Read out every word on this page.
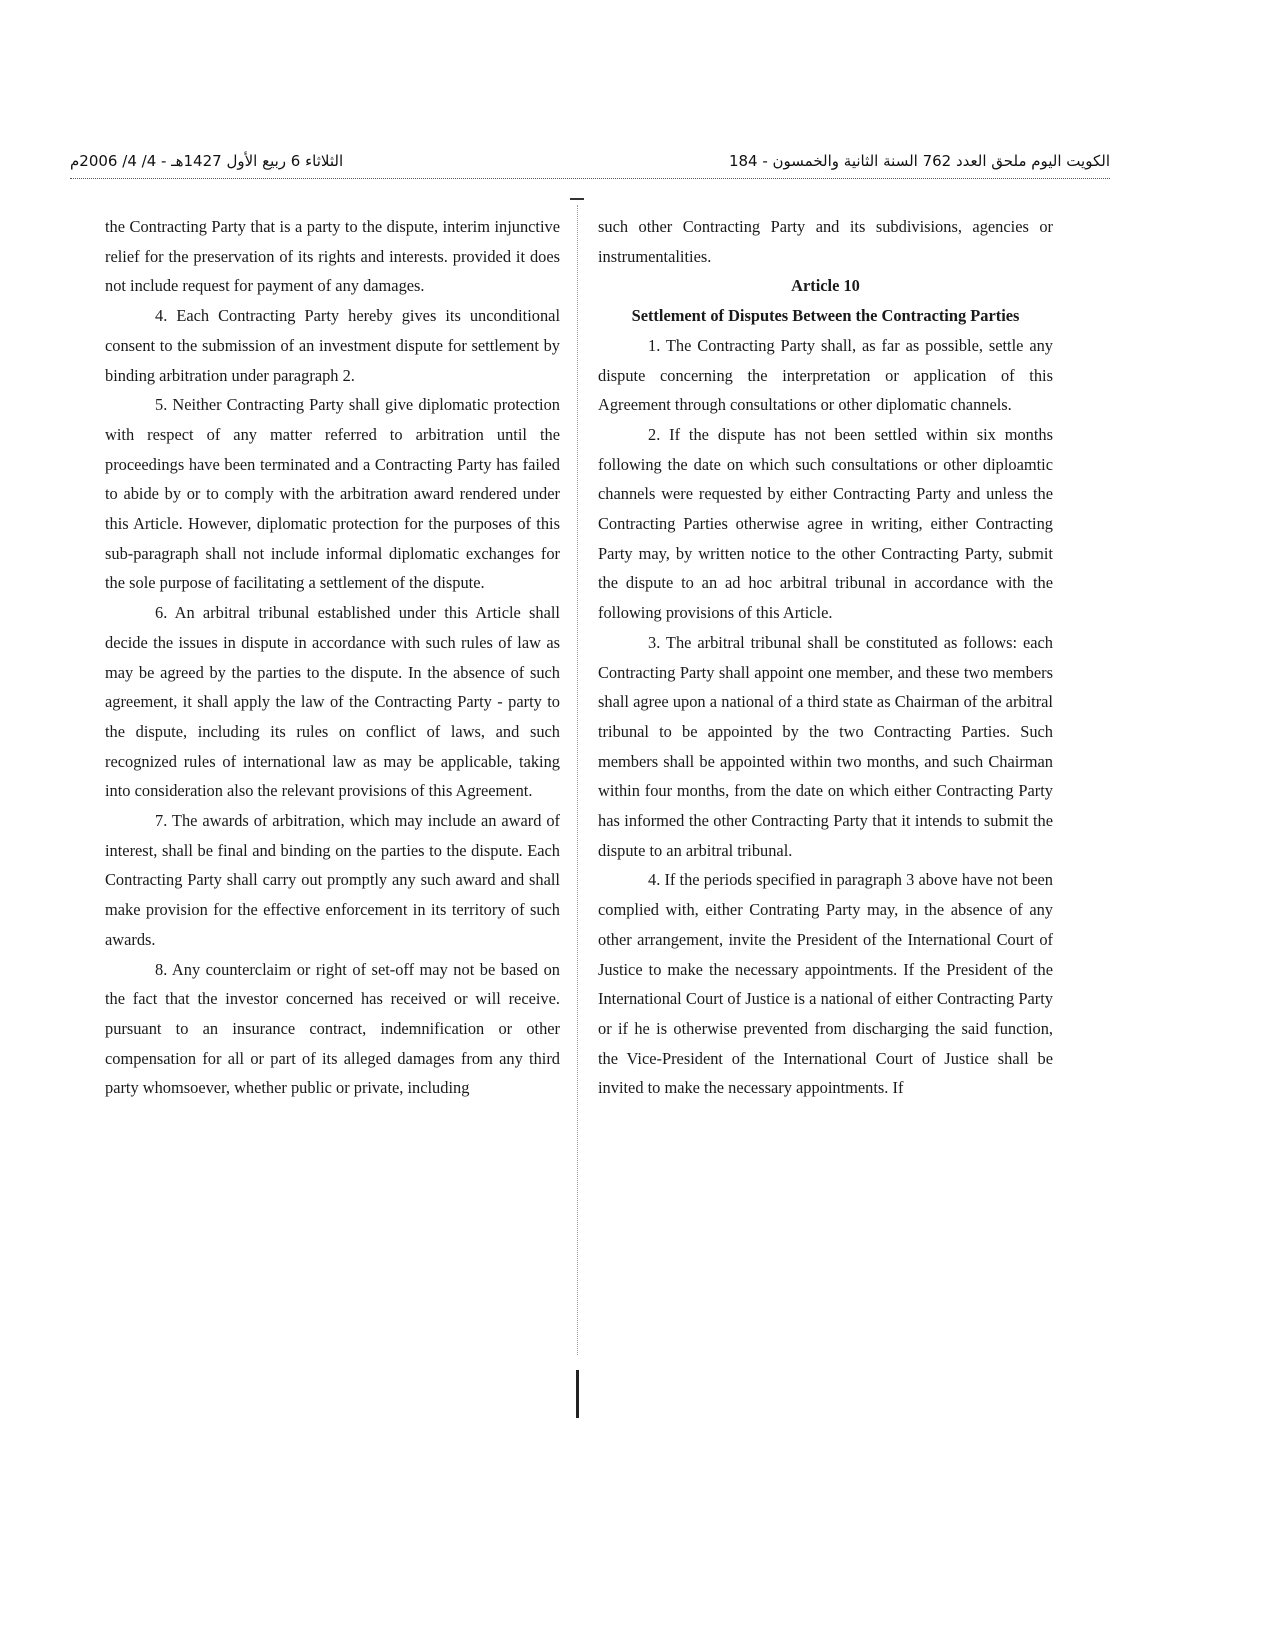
الثلاثاء 6 ربيع الأول 1427هـ - 4/ 4/ 2006م	الكويت اليوم ملحق العدد 762 السنة الثانية والخمسون - 184

the Contracting Party that is a party to the dispute, interim injunctive relief for the preservation of its rights and interests. provided it does not include request for payment of any damages.

4. Each Contracting Party hereby gives its unconditional consent to the submission of an investment dispute for settlement by binding arbitration under paragraph 2.

5. Neither Contracting Party shall give diplomatic protection with respect of any matter referred to arbitration until the proceedings have been terminated and a Contracting Party has failed to abide by or to comply with the arbitration award rendered under this Article. However, diplomatic protection for the purposes of this sub-paragraph shall not include informal diplomatic exchanges for the sole purpose of facilitating a settlement of the dispute.

6. An arbitral tribunal established under this Article shall decide the issues in dispute in accordance with such rules of law as may be agreed by the parties to the dispute. In the absence of such agreement, it shall apply the law of the Contracting Party - party to the dispute, including its rules on conflict of laws, and such recognized rules of international law as may be applicable, taking into consideration also the relevant provisions of this Agreement.

7. The awards of arbitration, which may include an award of interest, shall be final and binding on the parties to the dispute. Each Contracting Party shall carry out promptly any such award and shall make provision for the effective enforcement in its territory of such awards.

8. Any counterclaim or right of set-off may not be based on the fact that the investor concerned has received or will receive. pursuant to an insurance contract, indemnification or other compensation for all or part of its alleged damages from any third party whomsoever, whether public or private, including

such other Contracting Party and its subdivisions, agencies or instrumentalities.

Article 10

Settlement of Disputes Between the Contracting Parties

1. The Contracting Party shall, as far as possible, settle any dispute concerning the interpretation or application of this Agreement through consultations or other diplomatic channels.

2. If the dispute has not been settled within six months following the date on which such consultations or other diploamtic channels were requested by either Contracting Party and unless the Contracting Parties otherwise agree in writing, either Contracting Party may, by written notice to the other Contracting Party, submit the dispute to an ad hoc arbitral tribunal in accordance with the following provisions of this Article.

3. The arbitral tribunal shall be constituted as follows: each Contracting Party shall appoint one member, and these two members shall agree upon a national of a third state as Chairman of the arbitral tribunal to be appointed by the two Contracting Parties. Such members shall be appointed within two months, and such Chairman within four months, from the date on which either Contracting Party has informed the other Contracting Party that it intends to submit the dispute to an arbitral tribunal.

4. If the periods specified in paragraph 3 above have not been complied with, either Contrating Party may, in the absence of any other arrangement, invite the President of the International Court of Justice to make the necessary appointments. If the President of the International Court of Justice is a national of either Contracting Party or if he is otherwise prevented from discharging the said function, the Vice-President of the International Court of Justice shall be invited to make the necessary appointments. If
